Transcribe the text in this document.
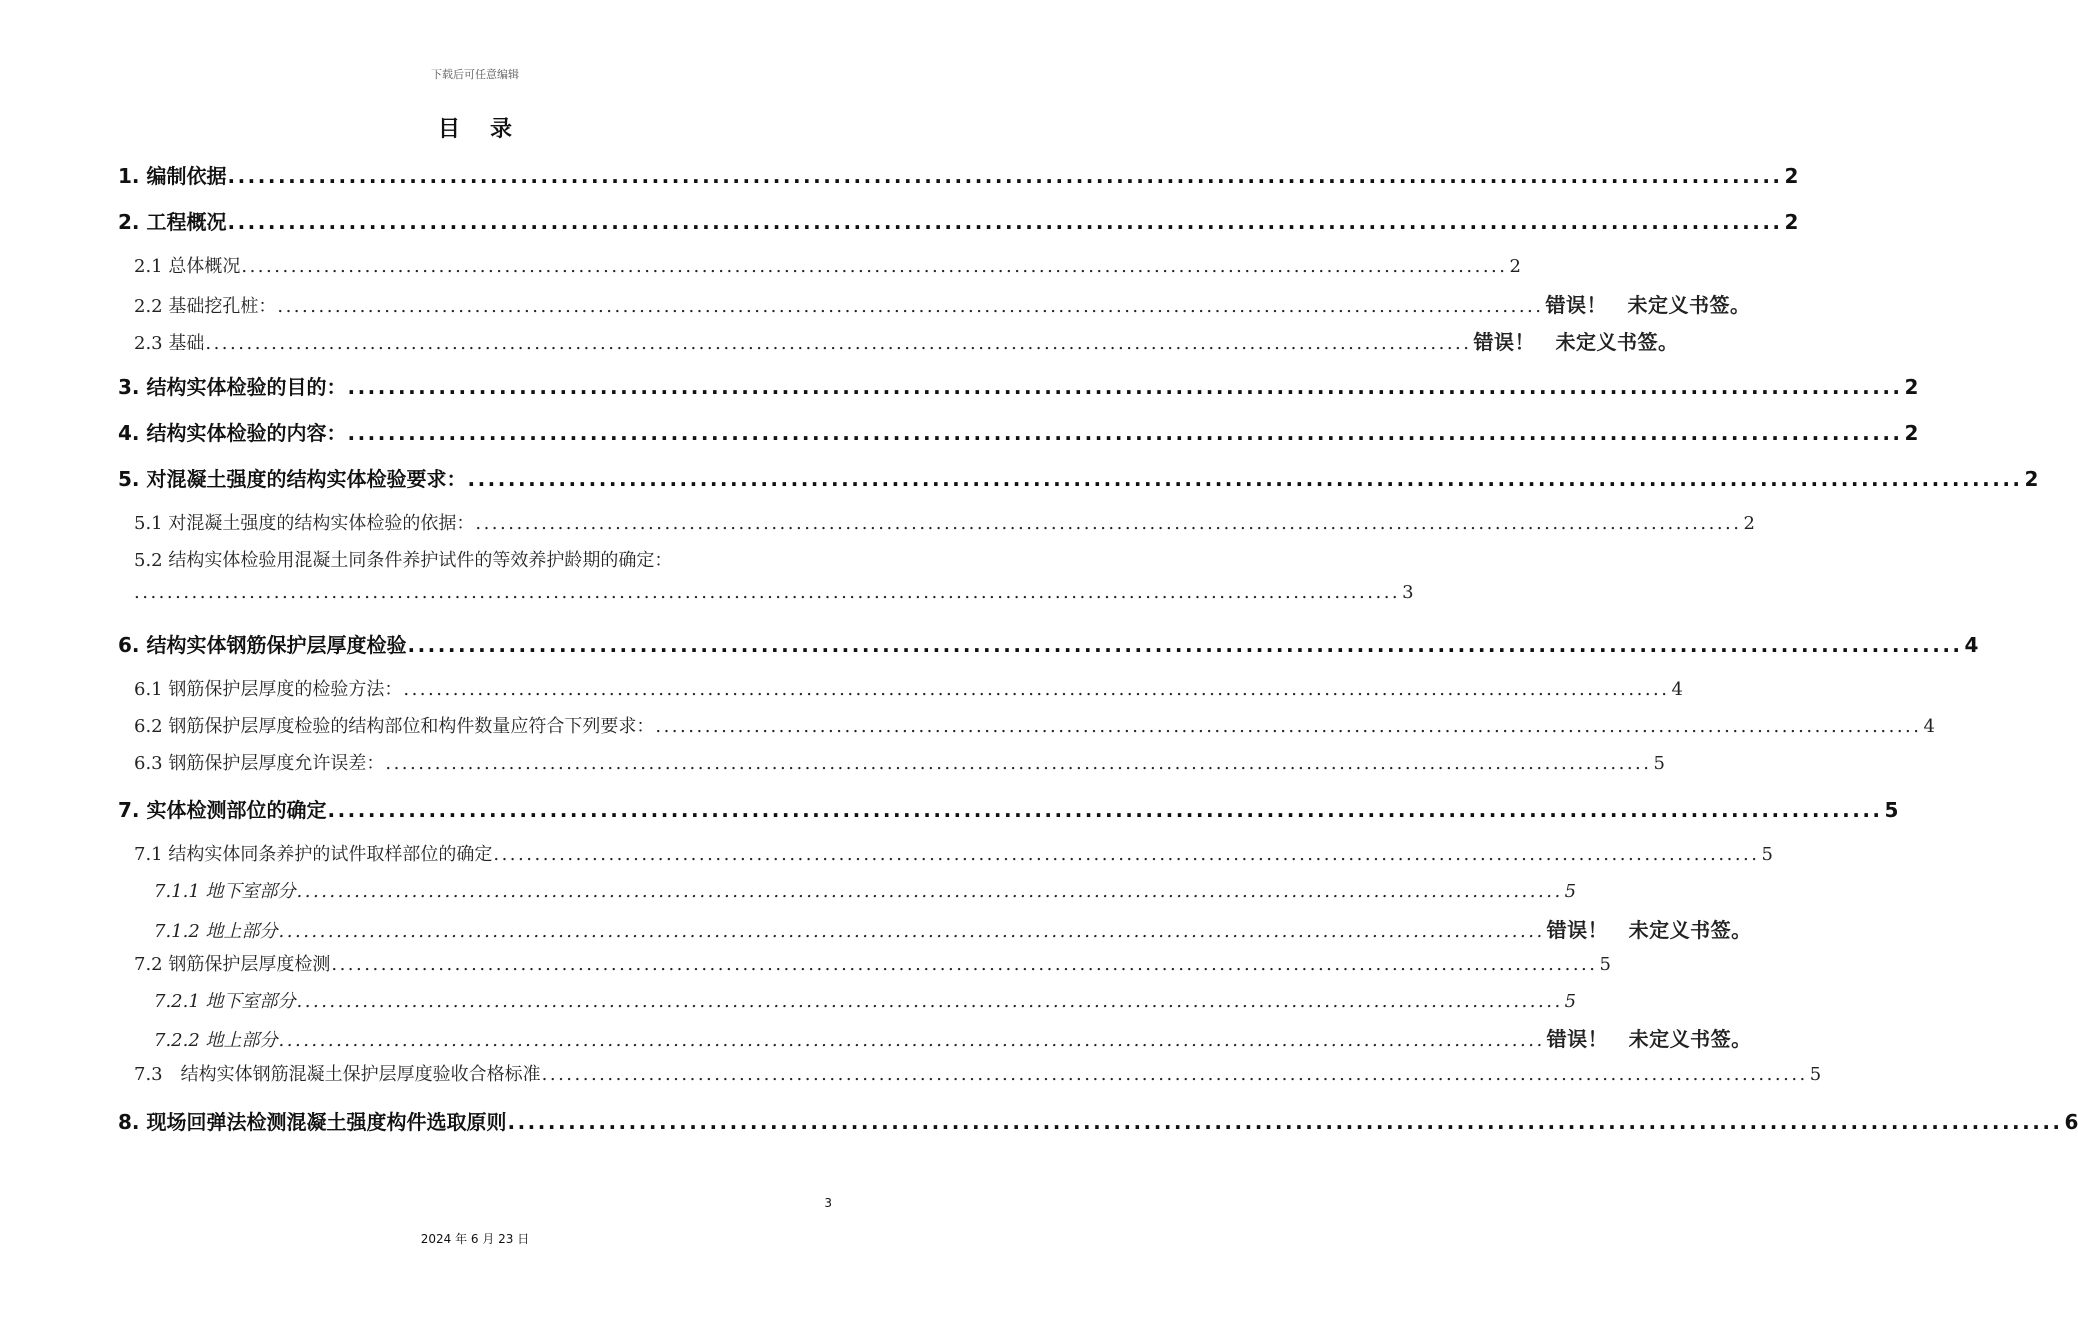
下载后可任意编辑
目录
1. 编制依据 .......................................................................................................................................................... 2
2. 工程概况 .......................................................................................................................................................... 2
2.1 总体概况 .......................................................................................................................................................... 2
2.2 基础挖孔桩： .......................................................................................................................................................... 错误！　未定义书签。
2.3 基础 .......................................................................................................................................................... 错误！　未定义书签。
3. 结构实体检验的目的： .......................................................................................................................................................... 2
4. 结构实体检验的内容： .......................................................................................................................................................... 2
5. 对混凝土强度的结构实体检验要求： .......................................................................................................................................................... 2
5.1 对混凝土强度的结构实体检验的依据： .......................................................................................................................................................... 2
5.2 结构实体检验用混凝土同条件养护试件的等效养护龄期的确定：
.......................................................................................................................................................... 3
6. 结构实体钢筋保护层厚度检验 .......................................................................................................................................................... 4
6.1 钢筋保护层厚度的检验方法： .......................................................................................................................................................... 4
6.2 钢筋保护层厚度检验的结构部位和构件数量应符合下列要求： .......................................................................................................................................................... 4
6.3 钢筋保护层厚度允许误差： .......................................................................................................................................................... 5
7. 实体检测部位的确定 .......................................................................................................................................................... 5
7.1 结构实体同条养护的试件取样部位的确定 .......................................................................................................................................................... 5
7.1.1 地下室部分 .......................................................................................................................................................... 5
7.1.2 地上部分 .......................................................................................................................................................... 错误！　未定义书签。
7.2 钢筋保护层厚度检测 .......................................................................................................................................................... 5
7.2.1 地下室部分 .......................................................................................................................................................... 5
7.2.2 地上部分 .......................................................................................................................................................... 错误！　未定义书签。
7.3　结构实体钢筋混凝土保护层厚度验收合格标准 .......................................................................................................................................................... 5
8. 现场回弹法检测混凝土强度构件选取原则 .......................................................................................................................................................... 6
3
2024 年 6 月 23 日
